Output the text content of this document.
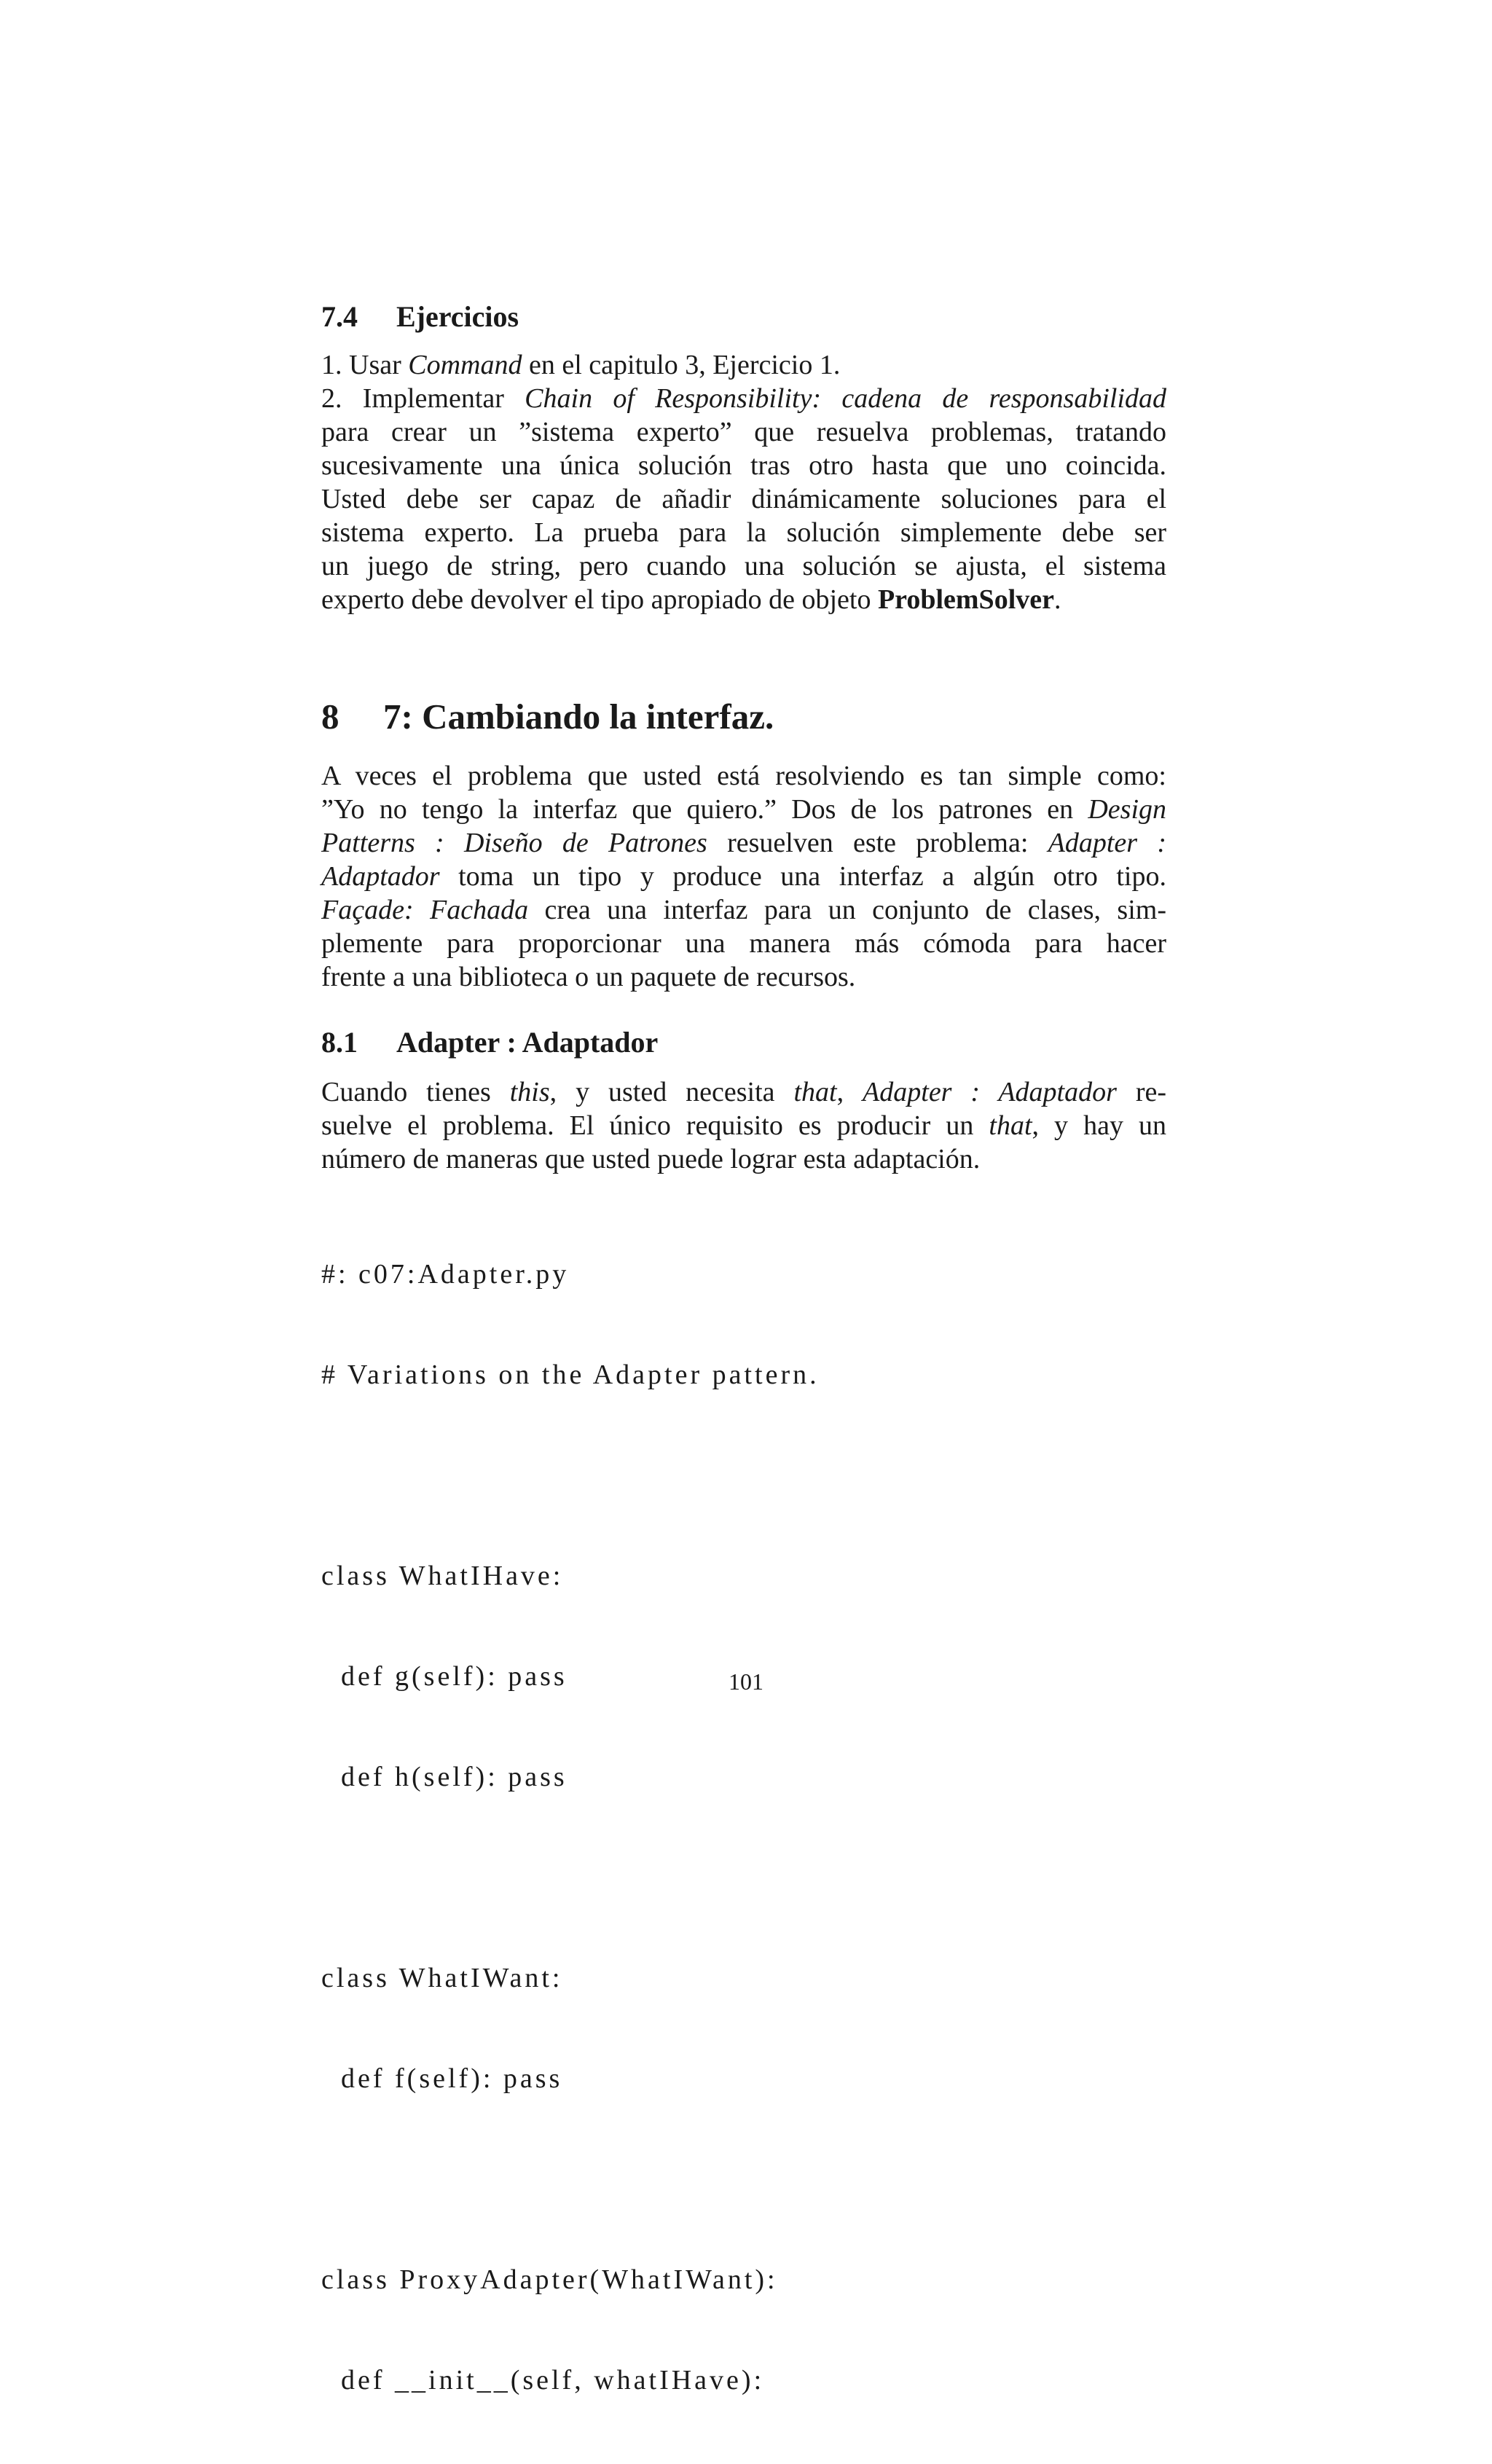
7.4 Ejercicios
1. Usar Command en el capitulo 3, Ejercicio 1.
2. Implementar Chain of Responsibility: cadena de responsabilidad
para crear un ”sistema experto” que resuelva problemas, tratando
sucesivamente una única solución tras otro hasta que uno coincida.
Usted debe ser capaz de añadir dinámicamente soluciones para el
sistema experto. La prueba para la solución simplemente debe ser
un juego de string, pero cuando una solución se ajusta, el sistema
experto debe devolver el tipo apropiado de objeto ProblemSolver.
8 7: Cambiando la interfaz.
A veces el problema que usted está resolviendo es tan simple como:
”Yo no tengo la interfaz que quiero.” Dos de los patrones en Design
Patterns : Diseño de Patrones resuelven este problema: Adapter :
Adaptador toma un tipo y produce una interfaz a algún otro tipo.
Façade: Fachada crea una interfaz para un conjunto de clases, sim-
plemente para proporcionar una manera más cómoda para hacer
frente a una biblioteca o un paquete de recursos.
8.1 Adapter : Adaptador
Cuando tienes this, y usted necesita that, Adapter : Adaptador re-
suelve el problema. El único requisito es producir un that, y hay un
número de maneras que usted puede lograr esta adaptación.

#: c07:Adapter.py

# Variations on the Adapter pattern.

class WhatIHave:

def g(self): pass

def h(self): pass

class WhatIWant:

def f(self): pass

class ProxyAdapter(WhatIWant):

def __init__(self, whatIHave):

101
